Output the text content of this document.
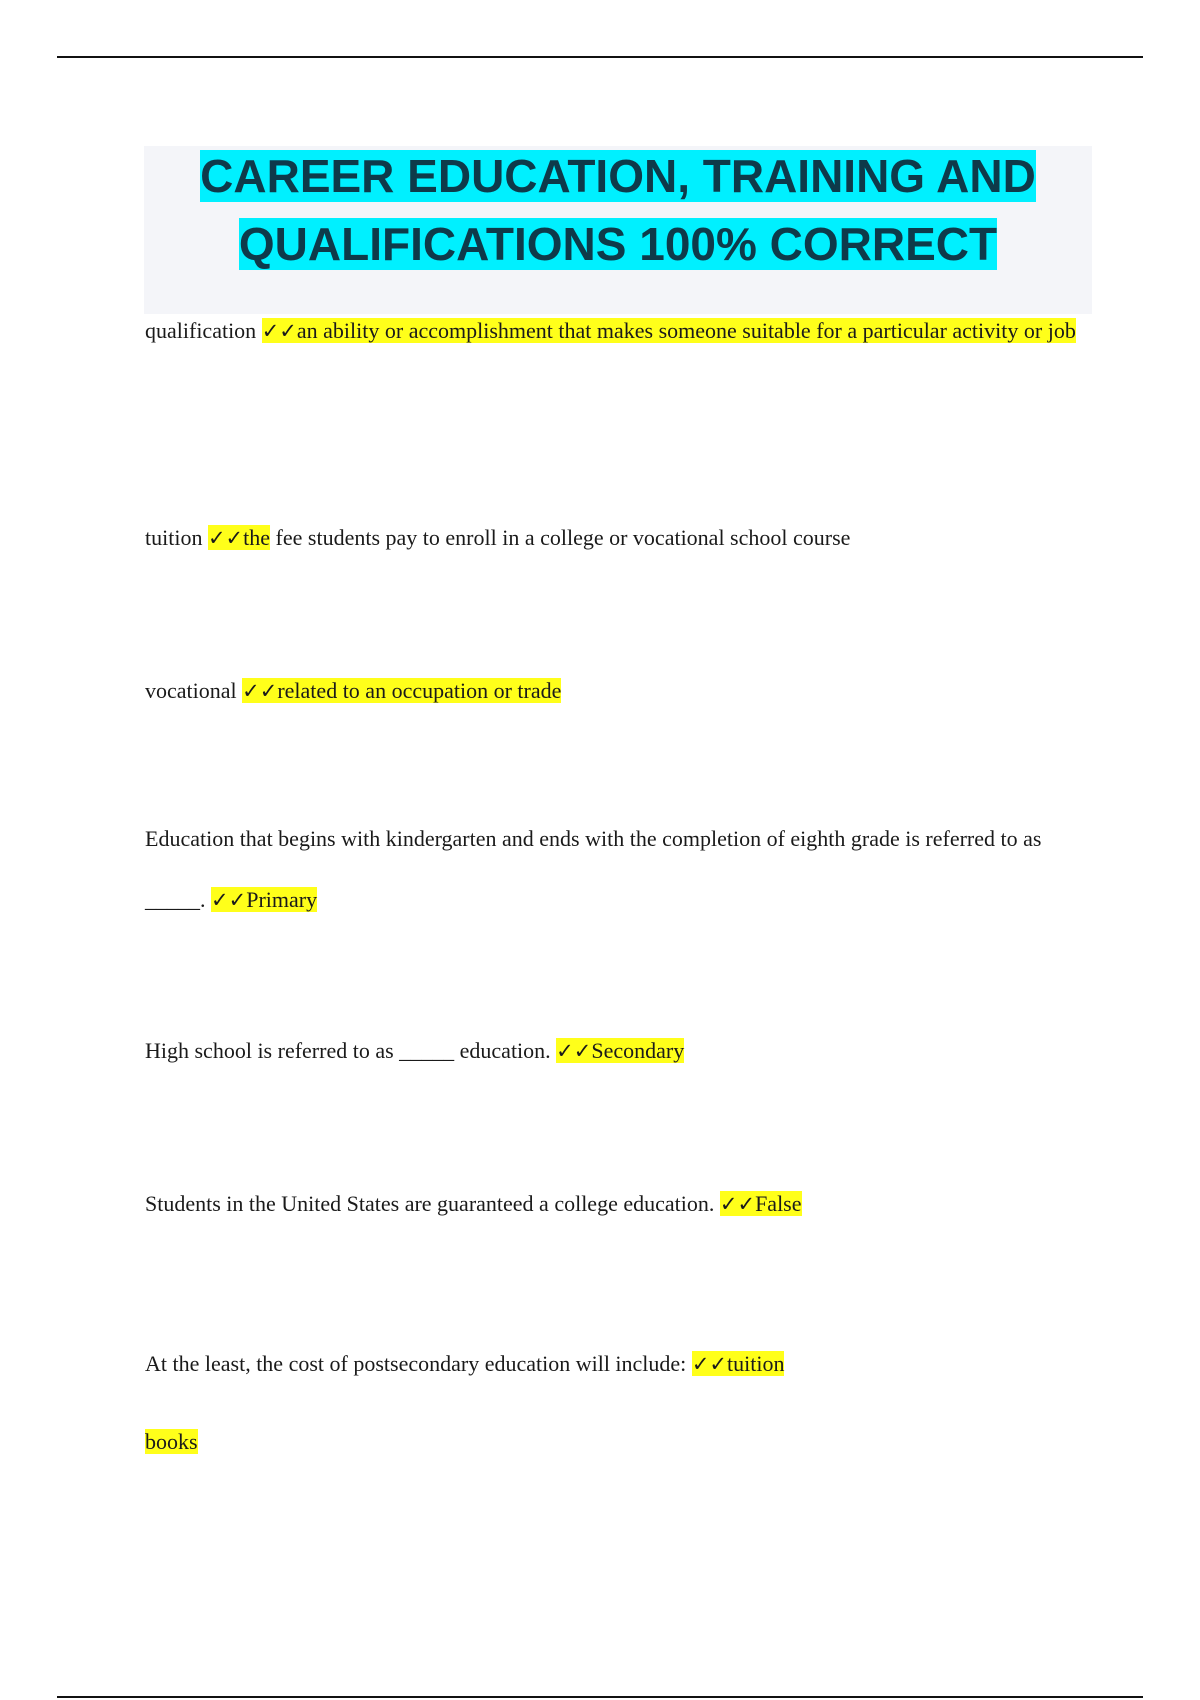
CAREER EDUCATION, TRAINING AND
QUALIFICATIONS 100% CORRECT
qualification ✓✓an ability or accomplishment that makes someone suitable for a particular activity or job
tuition ✓✓the fee students pay to enroll in a college or vocational school course
vocational ✓✓related to an occupation or trade
Education that begins with kindergarten and ends with the completion of eighth grade is referred to as _____. ✓✓Primary
High school is referred to as _____ education. ✓✓Secondary
Students in the United States are guaranteed a college education. ✓✓False
At the least, the cost of postsecondary education will include: ✓✓tuition
books
